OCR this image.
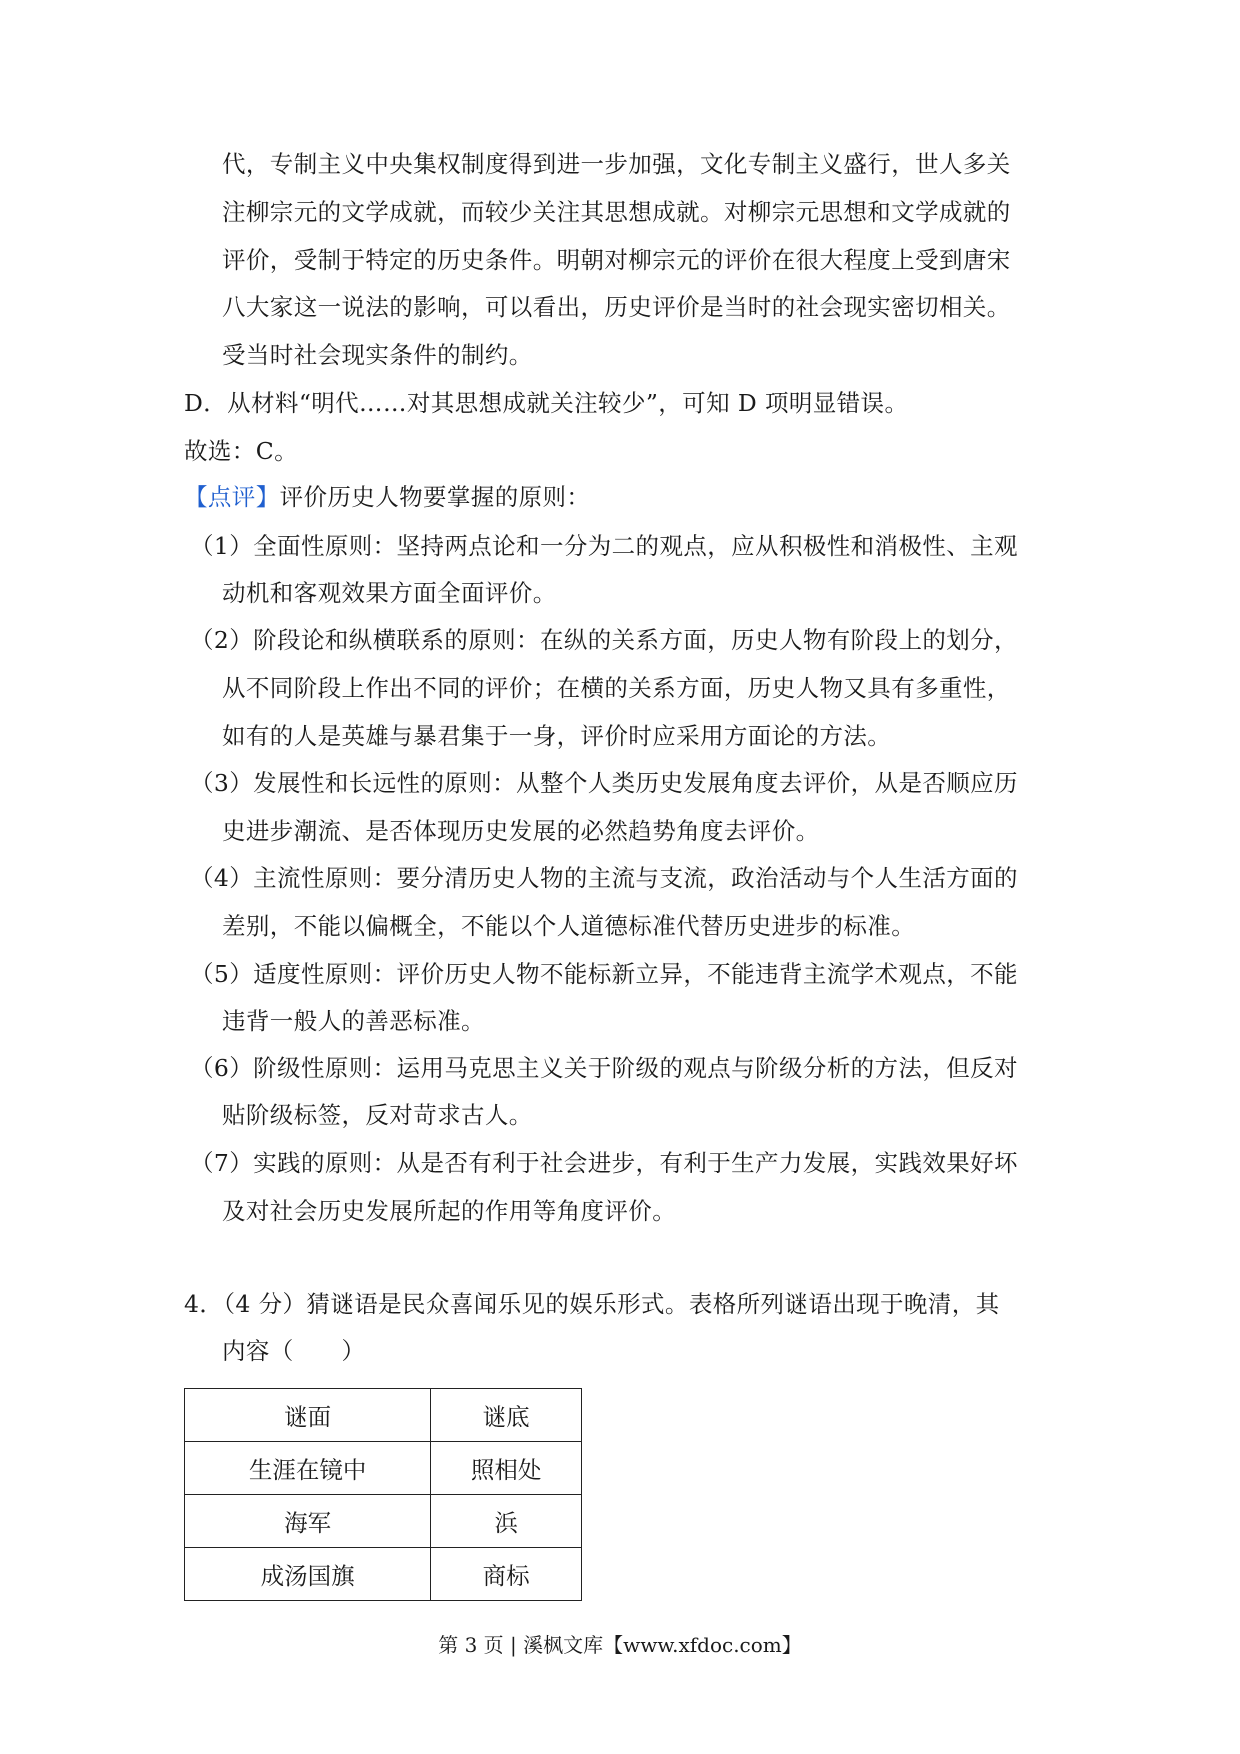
代，专制主义中央集权制度得到进一步加强，文化专制主义盛行，世人多关
注柳宗元的文学成就，而较少关注其思想成就。对柳宗元思想和文学成就的
评价，受制于特定的历史条件。明朝对柳宗元的评价在很大程度上受到唐宋
八大家这一说法的影响，可以看出，历史评价是当时的社会现实密切相关。
受当时社会现实条件的制约。
D．从材料“明代……对其思想成就关注较少”，可知 D 项明显错误。
故选：C。
【点评】评价历史人物要掌握的原则：
（1）全面性原则：坚持两点论和一分为二的观点，应从积极性和消极性、主观
动机和客观效果方面全面评价。
（2）阶段论和纵横联系的原则：在纵的关系方面，历史人物有阶段上的划分，
从不同阶段上作出不同的评价；在横的关系方面，历史人物又具有多重性，
如有的人是英雄与暴君集于一身，评价时应采用方面论的方法。
（3）发展性和长远性的原则：从整个人类历史发展角度去评价，从是否顺应历
史进步潮流、是否体现历史发展的必然趋势角度去评价。
（4）主流性原则：要分清历史人物的主流与支流，政治活动与个人生活方面的
差别，不能以偏概全，不能以个人道德标准代替历史进步的标准。
（5）适度性原则：评价历史人物不能标新立异，不能违背主流学术观点，不能
违背一般人的善恶标准。
（6）阶级性原则：运用马克思主义关于阶级的观点与阶级分析的方法，但反对
贴阶级标签，反对苛求古人。
（7）实践的原则：从是否有利于社会进步，有利于生产力发展，实践效果好坏
及对社会历史发展所起的作用等角度评价。
4．（4 分）猜谜语是民众喜闻乐见的娱乐形式。表格所列谜语出现于晚清，其
内容（　　）
谜面	谜底
生涯在镜中	照相处
海军	浜
成汤国旗	商标
第 3 页 | 溪枫文库【www.xfdoc.com】
